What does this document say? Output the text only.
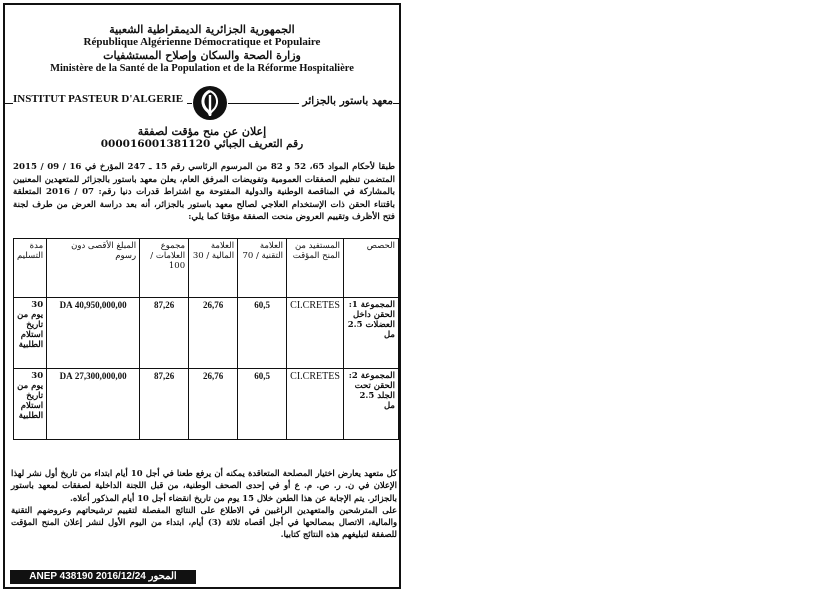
الجمهورية الجزائرية الديمقراطية الشعبية
République Algérienne Démocratique et Populaire
وزارة الصحة والسكان وإصلاح المستشفيات
Ministère de la Santé de la Population et de la Réforme Hospitalière
INSTITUT PASTEUR D'ALGERIE	معهد باستور بالجزائر
إعلان عن منح مؤقت لصفقة
رقم التعريف الجبائي 000016001381120
طبقا لأحكام المواد 65، 52 و 82 من المرسوم الرئاسي رقم 15 ـ 247 المؤرخ في 16 / 09 / 2015 المتضمن تنظيم الصفقات العمومية وتفويضات المرفق العام، يعلن معهد باستور بالجزائر للمتعهدين المعنيين بالمشاركة في المناقصة الوطنية والدولية المفتوحة مع اشتراط قدرات دنيا رقم: 07 / 2016 المتعلقة باقتناء الحقن ذات الإستخدام العلاجي لصالح معهد باستور بالجزائر، أنه بعد دراسة العرض من طرف لجنة فتح الأظرف وتقييم العروض منحت الصفقة مؤقتا كما يلي:
الحصص	المستفيد من المنح المؤقت	العلامة التقنية / 70	العلامة المالية / 30	مجموع العلامات / 100	المبلغ الأقصى دون رسوم	مدة التسليم
المجموعة 1: الحقن داخل العضلات 2.5 مل	CI.CRETES	60,5	26,76	87,26	40,950,000,00 DA	30 يوم من تاريخ استلام الطلبية
المجموعة 2: الحقن تحت الجلد 2.5 مل	CI.CRETES	60,5	26,76	87,26	27,300,000,00 DA	30 يوم من تاريخ استلام الطلبية
كل متعهد يعارض اختيار المصلحة المتعاقدة يمكنه أن يرفع طعنا في أجل 10 أيام ابتداء من تاريخ أول نشر لهذا الإعلان في ن. ر. ص. م. ع أو في إحدى الصحف الوطنية، من قبل اللجنة الداخلية لصفقات لمعهد باستور بالجزائر. يتم الإجابة عن هذا الطعن خلال 15 يوم من تاريخ انقضاء أجل 10 أيام المذكور أعلاه.
على المترشحين والمتعهدين الراغبين في الاطلاع على النتائج المفصلة لتقييم ترشيحاتهم وعروضهم التقنية والمالية، الاتصال بمصالحها في أجل أقصاه ثلاثة (3) أيام، ابتداء من اليوم الأول لنشر إعلان المنح المؤقت للصفقة لتبليغهم هذه النتائج كتابيا.
ANEP 438190 المحور 2016/12/24
